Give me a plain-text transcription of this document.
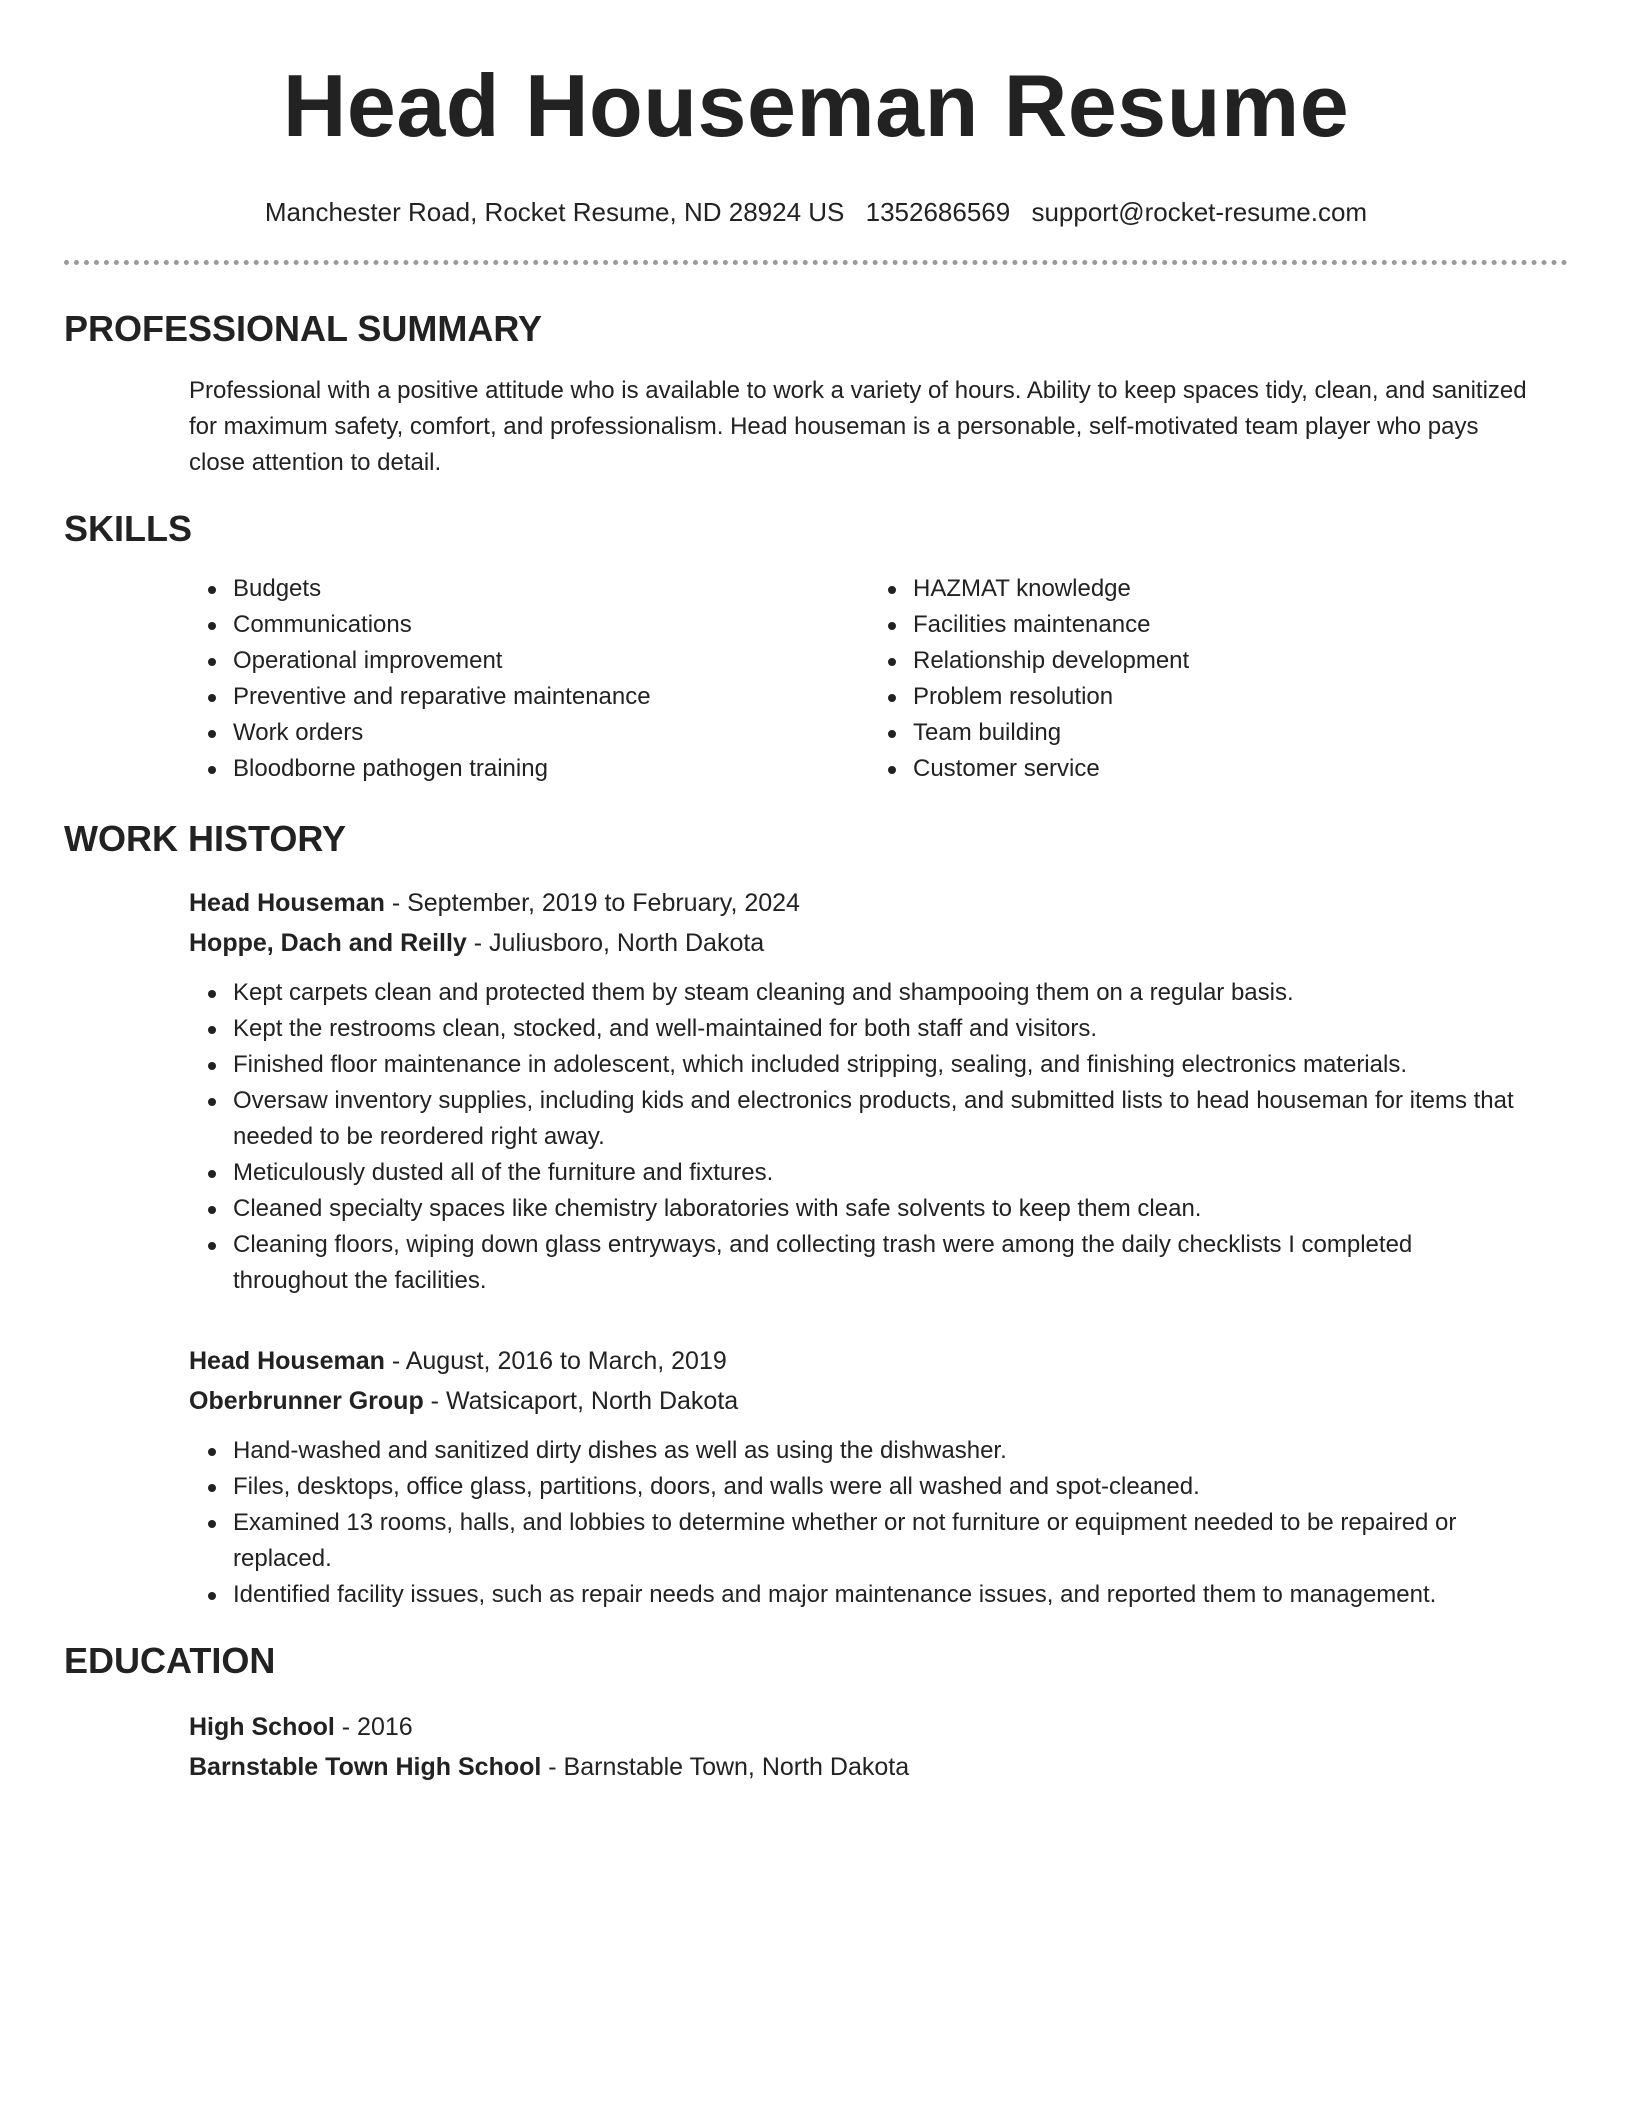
Head Houseman Resume
Manchester Road, Rocket Resume, ND 28924 US 1352686569 support@rocket-resume.com
PROFESSIONAL SUMMARY

Professional with a positive attitude who is available to work a variety of hours. Ability to keep spaces tidy, clean, and sanitized for maximum safety, comfort, and professionalism. Head houseman is a personable, self-motivated team player who pays close attention to detail.

SKILLS
Budgets
Communications
Operational improvement
Preventive and reparative maintenance
Work orders
Bloodborne pathogen training
HAZMAT knowledge
Facilities maintenance
Relationship development
Problem resolution
Team building
Customer service
WORK HISTORY
Head Houseman - September, 2019 to February, 2024
Hoppe, Dach and Reilly - Juliusboro, North Dakota
Kept carpets clean and protected them by steam cleaning and shampooing them on a regular basis.
Kept the restrooms clean, stocked, and well-maintained for both staff and visitors.
Finished floor maintenance in adolescent, which included stripping, sealing, and finishing electronics materials.
Oversaw inventory supplies, including kids and electronics products, and submitted lists to head houseman for items that needed to be reordered right away.
Meticulously dusted all of the furniture and fixtures.
Cleaned specialty spaces like chemistry laboratories with safe solvents to keep them clean.
Cleaning floors, wiping down glass entryways, and collecting trash were among the daily checklists I completed throughout the facilities.
Head Houseman - August, 2016 to March, 2019
Oberbrunner Group - Watsicaport, North Dakota
Hand-washed and sanitized dirty dishes as well as using the dishwasher.
Files, desktops, office glass, partitions, doors, and walls were all washed and spot-cleaned.
Examined 13 rooms, halls, and lobbies to determine whether or not furniture or equipment needed to be repaired or replaced.
Identified facility issues, such as repair needs and major maintenance issues, and reported them to management.
EDUCATION
High School - 2016
Barnstable Town High School - Barnstable Town, North Dakota
